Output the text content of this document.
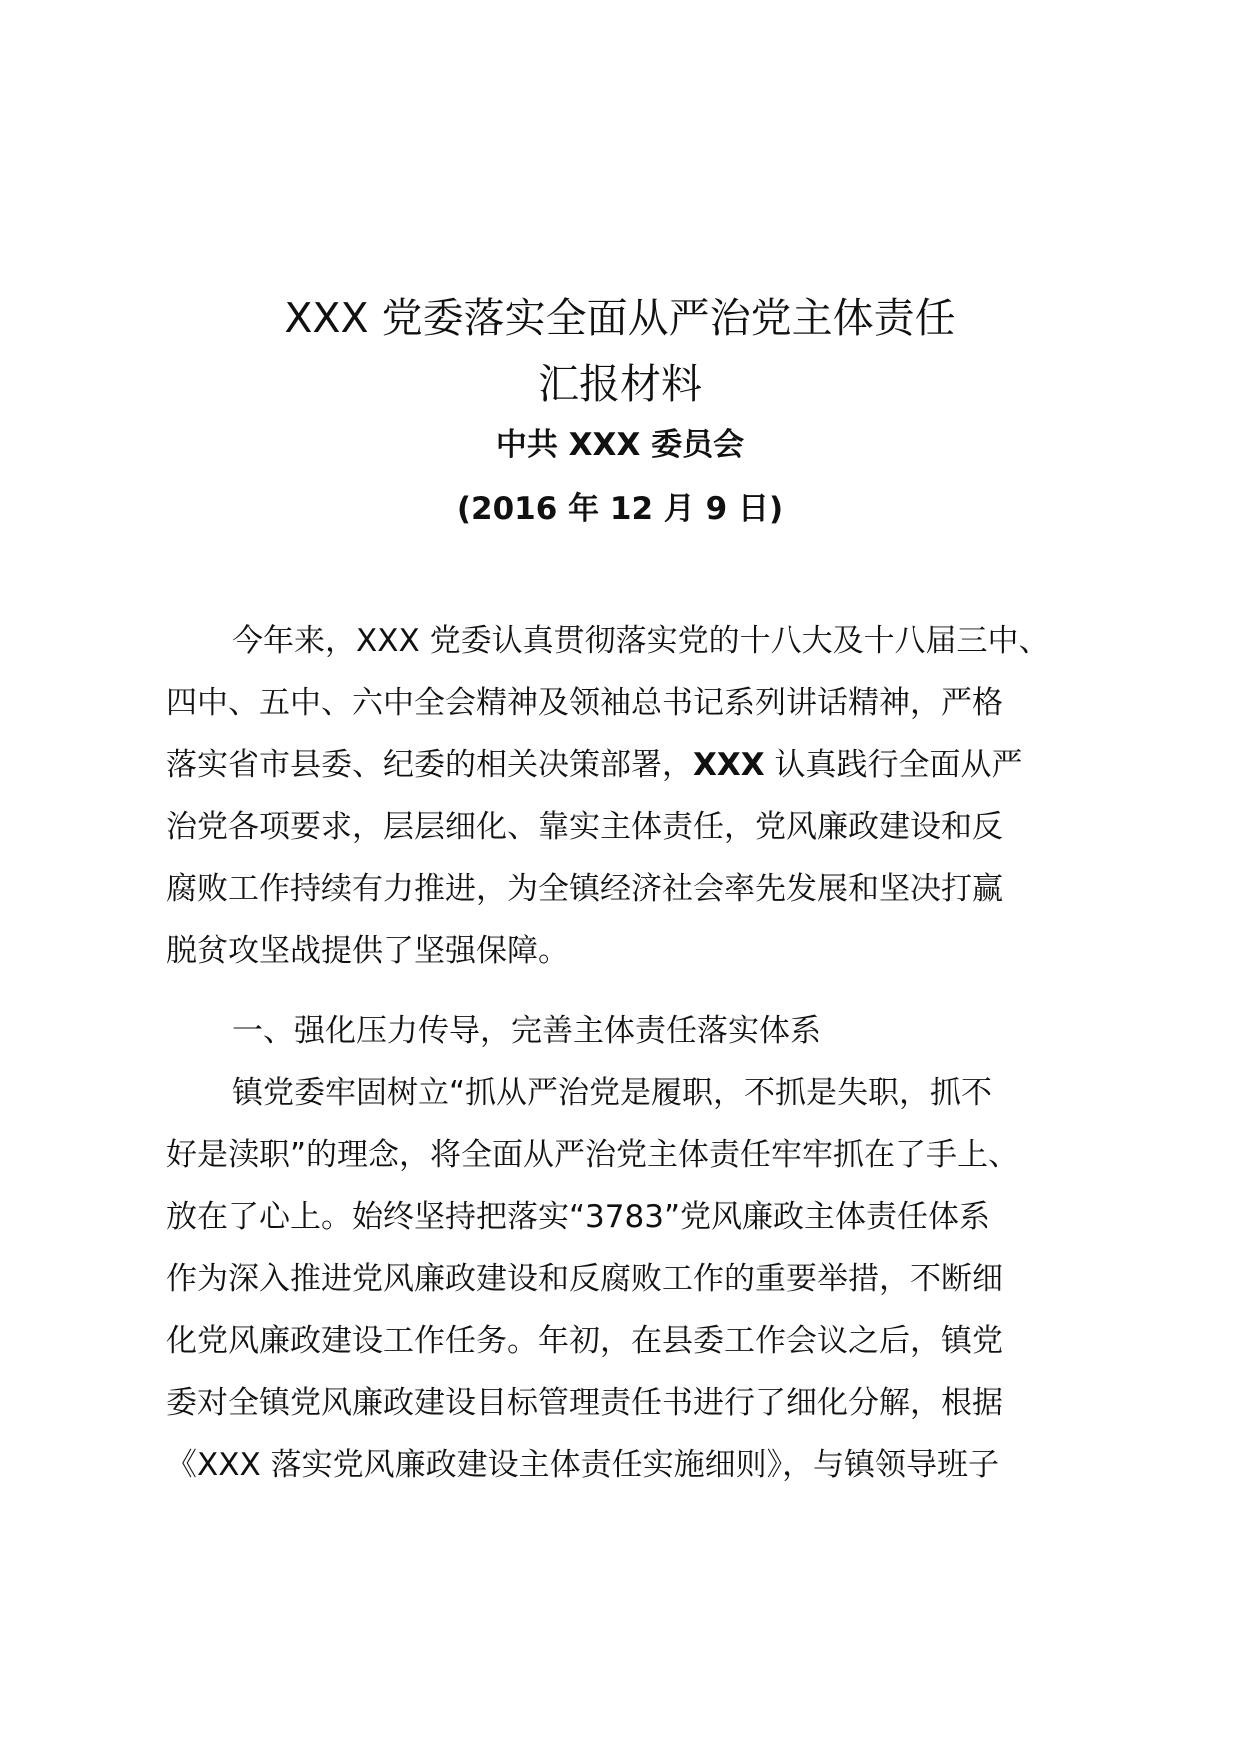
XXX 党委落实全面从严治党主体责任
汇报材料
中共 XXX 委员会
(2016 年 12 月 9 日)
今年来，XXX 党委认真贯彻落实党的十八大及十八届三中、
四中、五中、六中全会精神及领袖总书记系列讲话精神，严格
落实省市县委、纪委的相关决策部署，XXX 认真践行全面从严
治党各项要求，层层细化、靠实主体责任，党风廉政建设和反
腐败工作持续有力推进，为全镇经济社会率先发展和坚决打赢
脱贫攻坚战提供了坚强保障。
一、强化压力传导，完善主体责任落实体系
镇党委牢固树立“抓从严治党是履职，不抓是失职，抓不
好是渎职”的理念，将全面从严治党主体责任牢牢抓在了手上、
放在了心上。始终坚持把落实“3783”党风廉政主体责任体系
作为深入推进党风廉政建设和反腐败工作的重要举措，不断细
化党风廉政建设工作任务。年初，在县委工作会议之后，镇党
委对全镇党风廉政建设目标管理责任书进行了细化分解，根据
《XXX 落实党风廉政建设主体责任实施细则》，与镇领导班子
